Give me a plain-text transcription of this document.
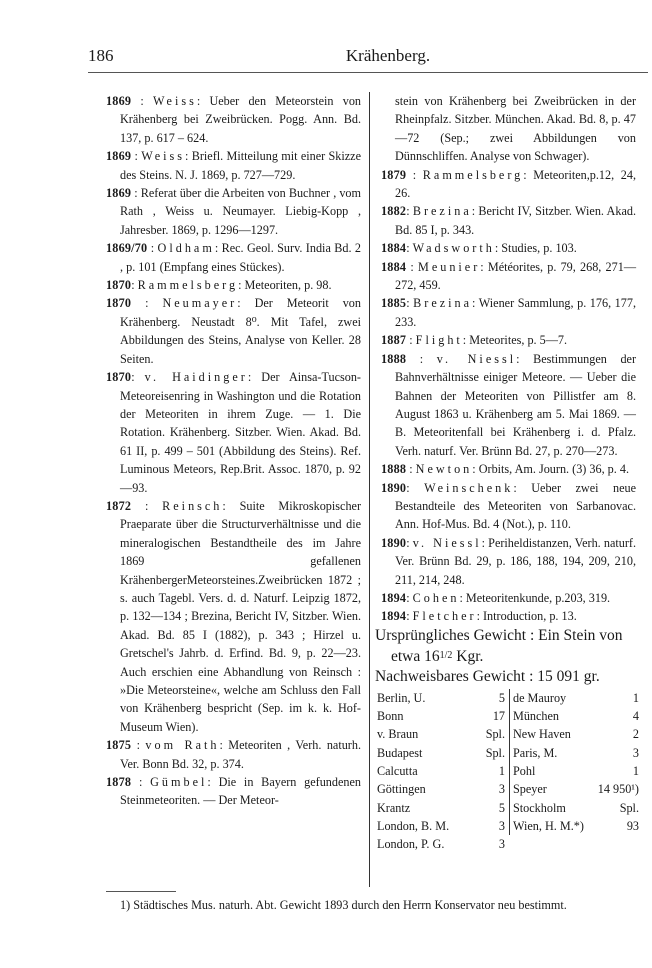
186	Krähenberg.
1869 : Weiss: Ueber den Meteorstein von Krähenberg bei Zweibrücken. Pogg. Ann. Bd. 137, p. 617 – 624.
1869 : Weiss: Briefl. Mitteilung mit einer Skizze des Steins. N. J. 1869, p. 727—729.
1869 : Referat über die Arbeiten von Buchner , vom Rath , Weiss u. Neumayer. Liebig-Kopp , Jahresber. 1869, p. 1296—1297.
1869/70 : Oldham: Rec. Geol. Surv. India Bd. 2 , p. 101 (Empfang eines Stückes).
1870: Rammelsberg: Meteoriten, p. 98.
1870 : Neumayer: Der Meteorit von Krähenberg. Neustadt 8⁰. Mit Tafel, zwei Abbildungen des Steins, Analyse von Keller. 28 Seiten.
1870: v. Haidinger: Der Ainsa-Tucson-Meteoreisenring in Washington und die Rotation der Meteoriten in ihrem Zuge. — 1. Die Rotation. Krähenberg. Sitzber. Wien. Akad. Bd. 61 II, p. 499 – 501 (Abbildung des Steins). Ref. Luminous Meteors, Rep.Brit. Assoc. 1870, p. 92—93.
1872 : Reinsch: Suite Mikroskopischer Praeparate über die Structurverhältnisse und die mineralogischen Bestandtheile des im Jahre 1869 gefallenen KrähenbergerMeteorsteines.Zweibrücken 1872 ; s. auch Tagebl. Vers. d. d. Naturf. Leipzig 1872, p. 132—134 ; Brezina, Bericht IV, Sitzber. Wien. Akad. Bd. 85 I (1882), p. 343 ; Hirzel u. Gretschel's Jahrb. d. Erfind. Bd. 9, p. 22—23. Auch erschien eine Abhandlung von Reinsch : »Die Meteorsteine«, welche am Schluss den Fall von Krähenberg bespricht (Sep. im k. k. Hof-Museum Wien).
1875 : vom Rath: Meteoriten , Verh. naturh. Ver. Bonn Bd. 32, p. 374.
1878 : Gümbel: Die in Bayern gefundenen Steinmeteoriten. — Der Meteor-
stein von Krähenberg bei Zweibrücken in der Rheinpfalz. Sitzber. München. Akad. Bd. 8, p. 47—72 (Sep.; zwei Abbildungen von Dünnschliffen. Analyse von Schwager).
1879 : Rammelsberg: Meteoriten,p.12, 24, 26.
1882: Brezina: Bericht IV, Sitzber. Wien. Akad. Bd. 85 I, p. 343.
1884: Wadsworth: Studies, p. 103.
1884 : Meunier: Météorites, p. 79, 268, 271—272, 459.
1885: Brezina: Wiener Sammlung, p. 176, 177, 233.
1887 : Flight: Meteorites, p. 5—7.
1888 : v. Niessl: Bestimmungen der Bahnverhältnisse einiger Meteore. — Ueber die Bahnen der Meteoriten von Pillistfer am 8. August 1863 u. Krähenberg am 5. Mai 1869. — B. Meteoritenfall bei Krähenberg i. d. Pfalz. Verh. naturf. Ver. Brünn Bd. 27, p. 270—273.
1888 : Newton: Orbits, Am. Journ. (3) 36, p. 4.
1890: Weinschenk: Ueber zwei neue Bestandteile des Meteoriten von Sarbanovac. Ann. Hof-Mus. Bd. 4 (Not.), p. 110.
1890: v. Niessl: Periheldistanzen, Verh. naturf. Ver. Brünn Bd. 29, p. 186, 188, 194, 209, 210, 211, 214, 248.
1894: Cohen: Meteoritenkunde, p.203, 319.
1894: Fletcher: Introduction, p. 13.
Ursprüngliches Gewicht : Ein Stein von etwa 161/2 Kgr.
Nachweisbares Gewicht : 15 091 gr.
Berlin, U.	5
Bonn	17
v. Braun	Spl.
Budapest	Spl.
Calcutta	1
Göttingen	3
Krantz	5
London, B. M.	3
London, P. G.	3
de Mauroy	1
München	4
New Haven	2
Paris, M.	3
Pohl	1
Speyer	14 950¹)
Stockholm	Spl.
Wien, H. M.*)	93
1) Städtisches Mus. naturh. Abt. Gewicht 1893 durch den Herrn Konservator neu bestimmt.
